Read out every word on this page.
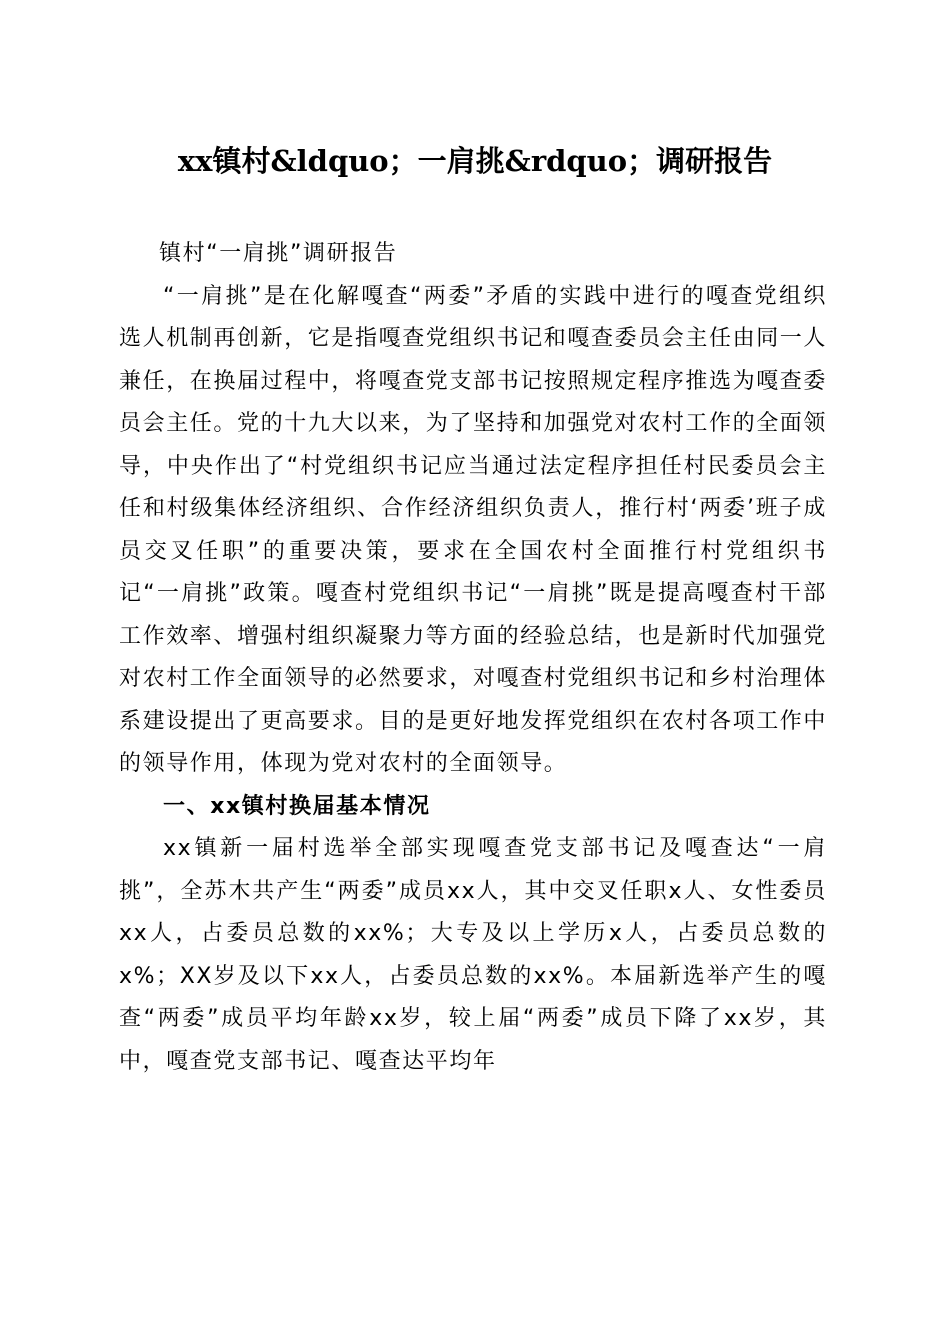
xx镇村&ldquo；一肩挑&rdquo；调研报告

镇村“一肩挑”调研报告

“一肩挑”是在化解嘎查“两委”矛盾的实践中进行的嘎查党组织选人机制再创新，它是指嘎查党组织书记和嘎查委员会主任由同一人兼任，在换届过程中，将嘎查党支部书记按照规定程序推选为嘎查委员会主任。党的十九大以来，为了坚持和加强党对农村工作的全面领导，中央作出了“村党组织书记应当通过法定程序担任村民委员会主任和村级集体经济组织、合作经济组织负责人，推行村‘两委’班子成员交叉任职”的重要决策，要求在全国农村全面推行村党组织书记“一肩挑”政策。嘎查村党组织书记“一肩挑”既是提高嘎查村干部工作效率、增强村组织凝聚力等方面的经验总结，也是新时代加强党对农村工作全面领导的必然要求，对嘎查村党组织书记和乡村治理体系建设提出了更高要求。目的是更好地发挥党组织在农村各项工作中的领导作用，体现为党对农村的全面领导。

一、xx镇村换届基本情况

xx镇新一届村选举全部实现嘎查党支部书记及嘎查达“一肩挑”，全苏木共产生“两委”成员xx人，其中交叉任职x人、女性委员xx人，占委员总数的xx%；大专及以上学历x人，占委员总数的x%；XX岁及以下xx人，占委员总数的xx%。本届新选举产生的嘎查“两委”成员平均年龄xx岁，较上届“两委”成员下降了xx岁，其中，嘎查党支部书记、嘎查达平均年
